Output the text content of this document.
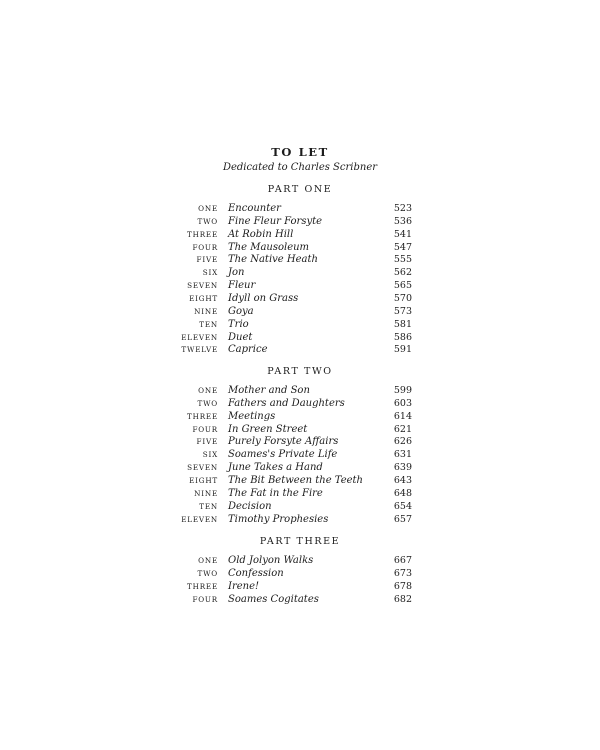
TO LET
Dedicated to Charles Scribner
PART ONE
ONE Encounter	523
TWO Fine Fleur Forsyte	536
THREE At Robin Hill	541
FOUR The Mausoleum	547
FIVE The Native Heath	555
SIX Jon	562
SEVEN Fleur	565
EIGHT Idyll on Grass	570
NINE Goya	573
TEN Trio	581
ELEVEN Duet	586
TWELVE Caprice	591
PART TWO
ONE Mother and Son	599
TWO Fathers and Daughters	603
THREE Meetings	614
FOUR In Green Street	621
FIVE Purely Forsyte Affairs	626
SIX Soames's Private Life	631
SEVEN June Takes a Hand	639
EIGHT The Bit Between the Teeth	643
NINE The Fat in the Fire	648
TEN Decision	654
ELEVEN Timothy Prophesies	657
PART THREE
ONE Old Jolyon Walks	667
TWO Confession	673
THREE Irene!	678
FOUR Soames Cogitates	682
